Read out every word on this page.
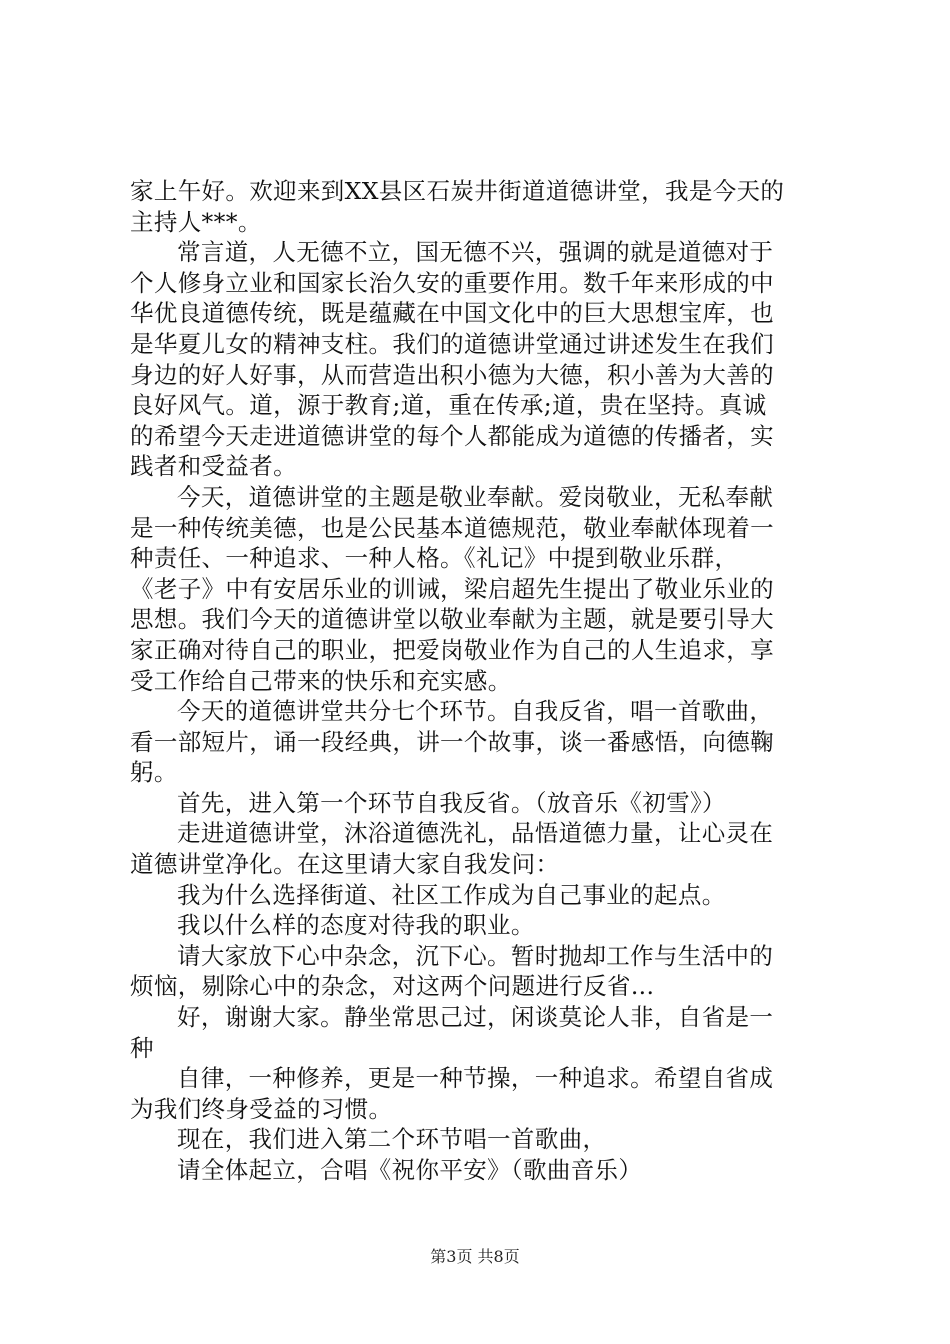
家上午好。欢迎来到XX县区石炭井街道道德讲堂，我是今天的
主持人***。
常言道，人无德不立，国无德不兴，强调的就是道德对于
个人修身立业和国家长治久安的重要作用。数千年来形成的中
华优良道德传统，既是蕴藏在中国文化中的巨大思想宝库，也
是华夏儿女的精神支柱。我们的道德讲堂通过讲述发生在我们
身边的好人好事，从而营造出积小德为大德，积小善为大善的
良好风气。道，源于教育;道，重在传承;道，贵在坚持。真诚
的希望今天走进道德讲堂的每个人都能成为道德的传播者，实
践者和受益者。
今天，道德讲堂的主题是敬业奉献。爱岗敬业，无私奉献
是一种传统美德，也是公民基本道德规范，敬业奉献体现着一
种责任、一种追求、一种人格。《礼记》中提到敬业乐群，
《老子》中有安居乐业的训诫，梁启超先生提出了敬业乐业的
思想。我们今天的道德讲堂以敬业奉献为主题，就是要引导大
家正确对待自己的职业，把爱岗敬业作为自己的人生追求，享
受工作给自己带来的快乐和充实感。
今天的道德讲堂共分七个环节。自我反省，唱一首歌曲，
看一部短片，诵一段经典，讲一个故事，谈一番感悟，向德鞠
躬。
首先，进入第一个环节自我反省。（放音乐《初雪》）
走进道德讲堂，沐浴道德洗礼，品悟道德力量，让心灵在
道德讲堂净化。在这里请大家自我发问：
我为什么选择街道、社区工作成为自己事业的起点。
我以什么样的态度对待我的职业。
请大家放下心中杂念，沉下心。暂时抛却工作与生活中的
烦恼，剔除心中的杂念，对这两个问题进行反省...
好，谢谢大家。静坐常思己过，闲谈莫论人非，自省是一
种
自律，一种修养，更是一种节操，一种追求。希望自省成
为我们终身受益的习惯。
现在，我们进入第二个环节唱一首歌曲，
请全体起立，合唱《祝你平安》（歌曲音乐）
第3页 共8页
